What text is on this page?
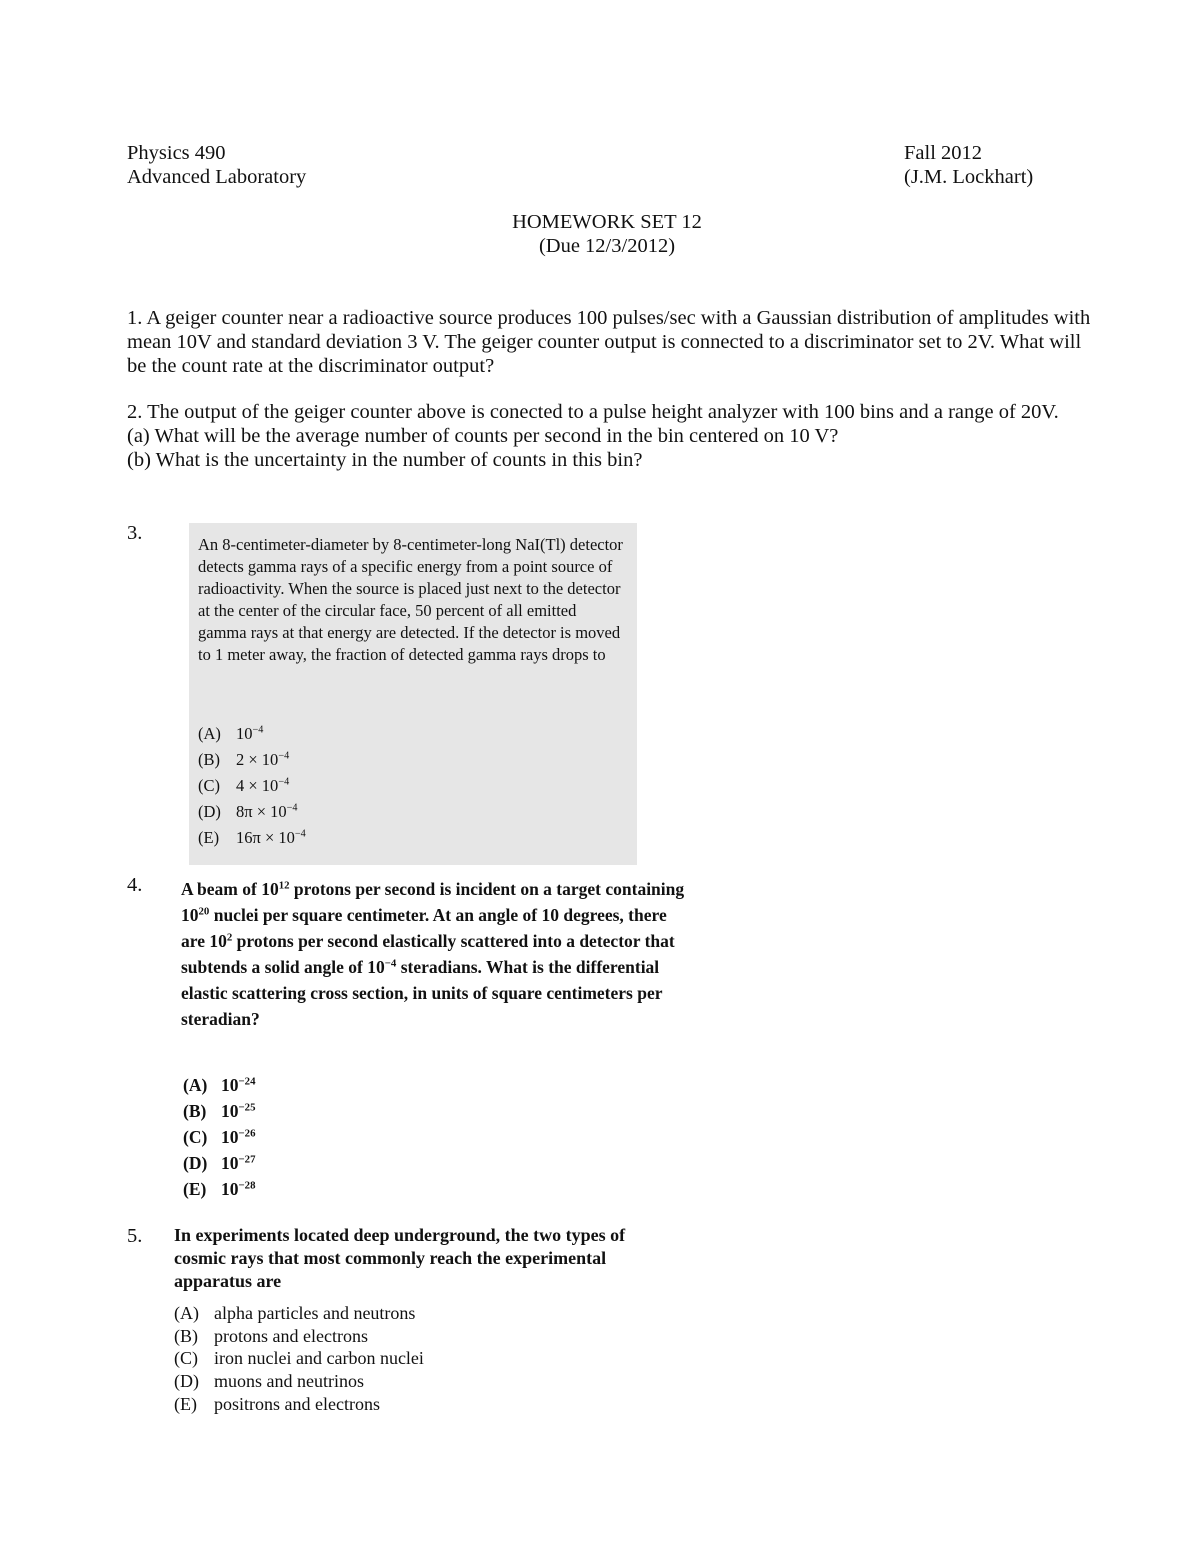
Physics 490
Advanced Laboratory
Fall 2012
(J.M. Lockhart)
HOMEWORK SET 12
(Due 12/3/2012)

1. A geiger counter near a radioactive source produces 100 pulses/sec with a Gaussian distribution of amplitudes with mean 10V and standard deviation 3 V. The geiger counter output is connected to a discriminator set to 2V. What will be the count rate at the discriminator output?

2. The output of the geiger counter above is conected to a pulse height analyzer with 100 bins and a range of 20V.

(a) What will be the average number of counts per second in the bin centered on 10 V?

(b) What is the uncertainty in the number of counts in this bin?

3.

An 8-centimeter-diameter by 8-centimeter-long NaI(Tl) detector detects gamma rays of a specific energy from a point source of radioactivity. When the source is placed just next to the detector at the center of the circular face, 50 percent of all emitted gamma rays at that energy are detected. If the detector is moved to 1 meter away, the fraction of detected gamma rays drops to

(A) $10^{-4}$
(B) $2 \times 10^{-4}$
(C) $4 \times 10^{-4}$
(D) $8\pi \times 10^{-4}$
(E) $16\pi \times 10^{-4}$
4. A beam of $10^{12}$ protons per second is incident on a target containing $10^{20}$ nuclei per square centimeter. At an angle of 10 degrees, there are $10^2$ protons per second elastically scattered into a detector that subtends a solid angle of $10^{-4}$ steradians. What is the differential elastic scattering cross section, in units of square centimeters per steradian?

(A) $10^{-24}$
(B) $10^{-25}$
(C) $10^{-26}$
(D) $10^{-27}$
(E) $10^{-28}$
5. In experiments located deep underground, the two types of cosmic rays that most commonly reach the experimental apparatus are

(A) alpha particles and neutrons
(B) protons and electrons
(C) iron nuclei and carbon nuclei
(D) muons and neutrinos
(E) positrons and electrons
